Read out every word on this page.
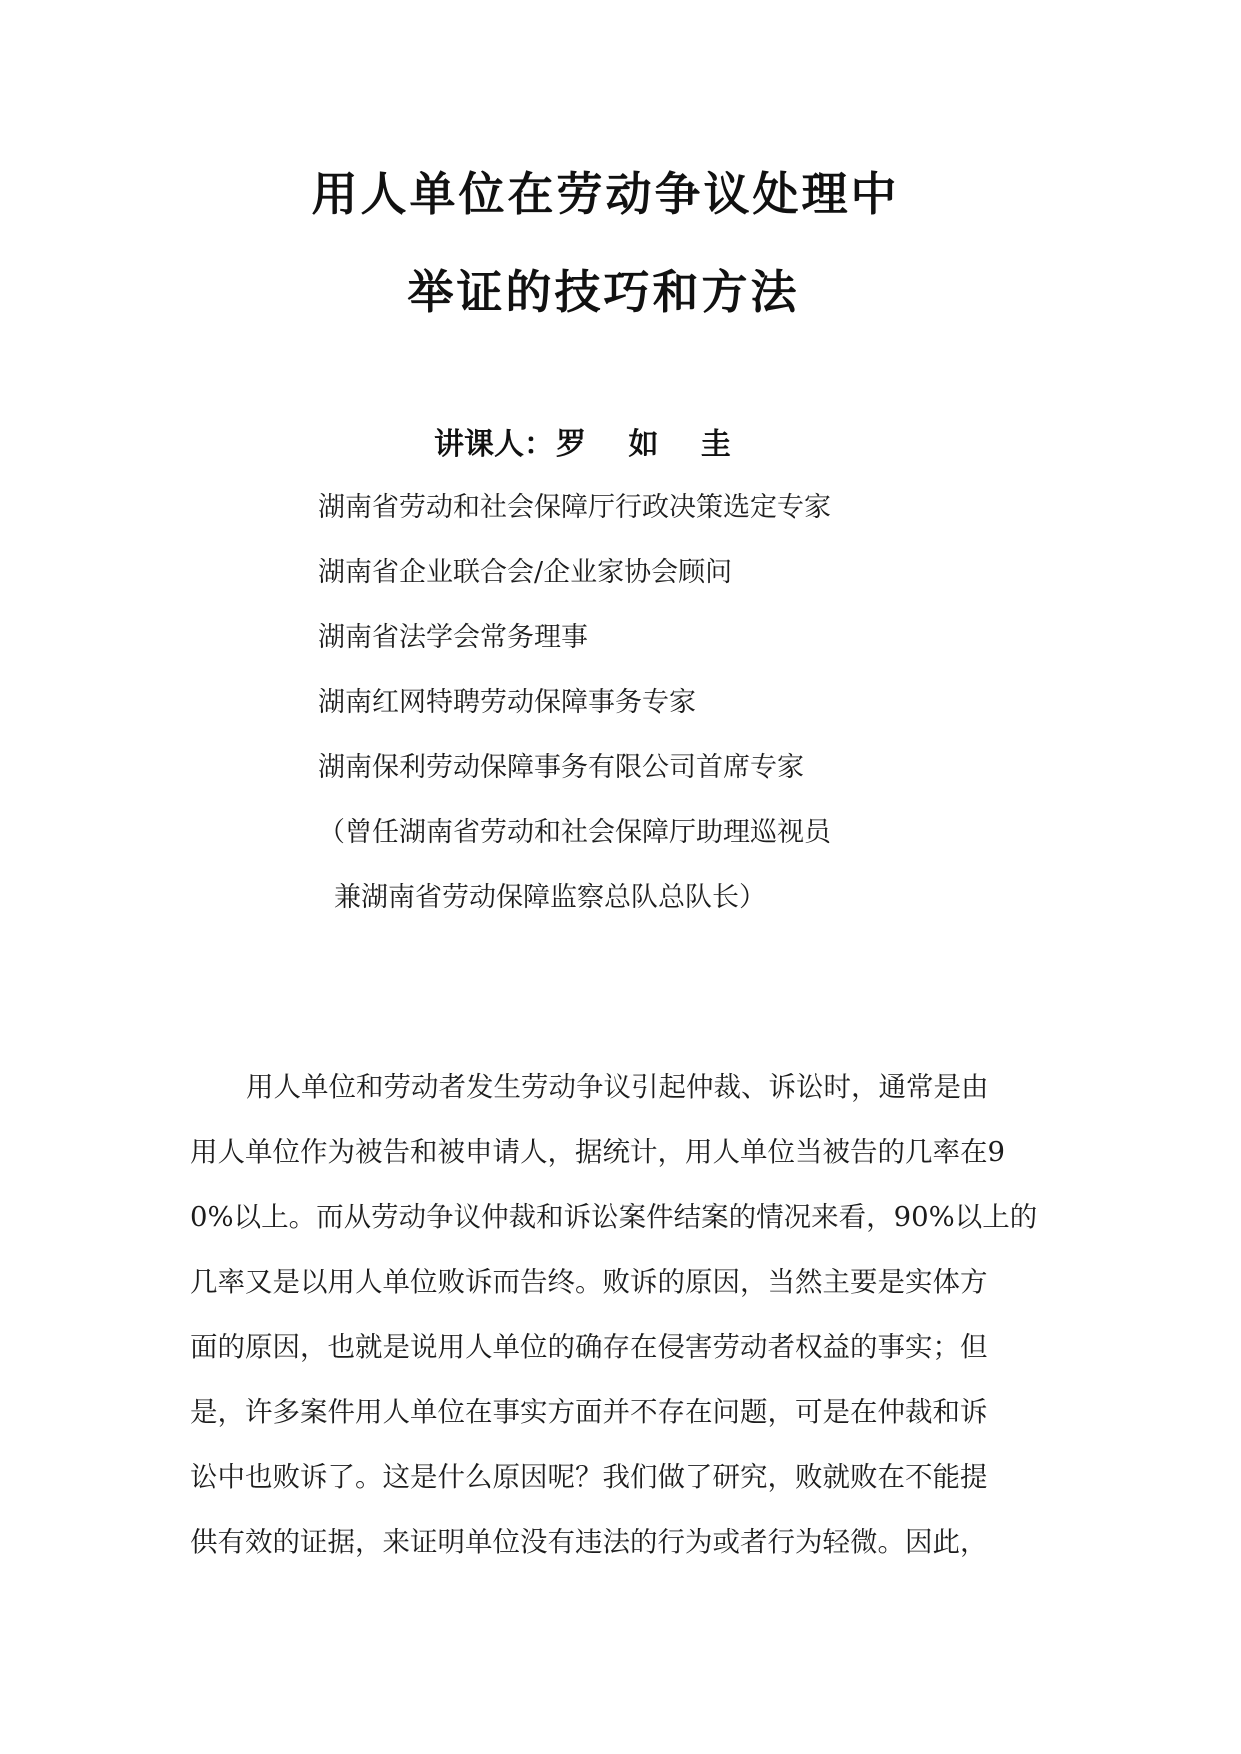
用人单位在劳动争议处理中
举证的技巧和方法
讲课人：罗 如 圭
湖南省劳动和社会保障厅行政决策选定专家
湖南省企业联合会/企业家协会顾问
湖南省法学会常务理事
湖南红网特聘劳动保障事务专家
湖南保利劳动保障事务有限公司首席专家
（曾任湖南省劳动和社会保障厅助理巡视员
兼湖南省劳动保障监察总队总队长）
用人单位和劳动者发生劳动争议引起仲裁、诉讼时，通常是由
用人单位作为被告和被申请人，据统计，用人单位当被告的几率在9
0%以上。而从劳动争议仲裁和诉讼案件结案的情况来看，90%以上的
几率又是以用人单位败诉而告终。败诉的原因，当然主要是实体方
面的原因，也就是说用人单位的确存在侵害劳动者权益的事实；但
是，许多案件用人单位在事实方面并不存在问题，可是在仲裁和诉
讼中也败诉了。这是什么原因呢？我们做了研究，败就败在不能提
供有效的证据，来证明单位没有违法的行为或者行为轻微。因此，
